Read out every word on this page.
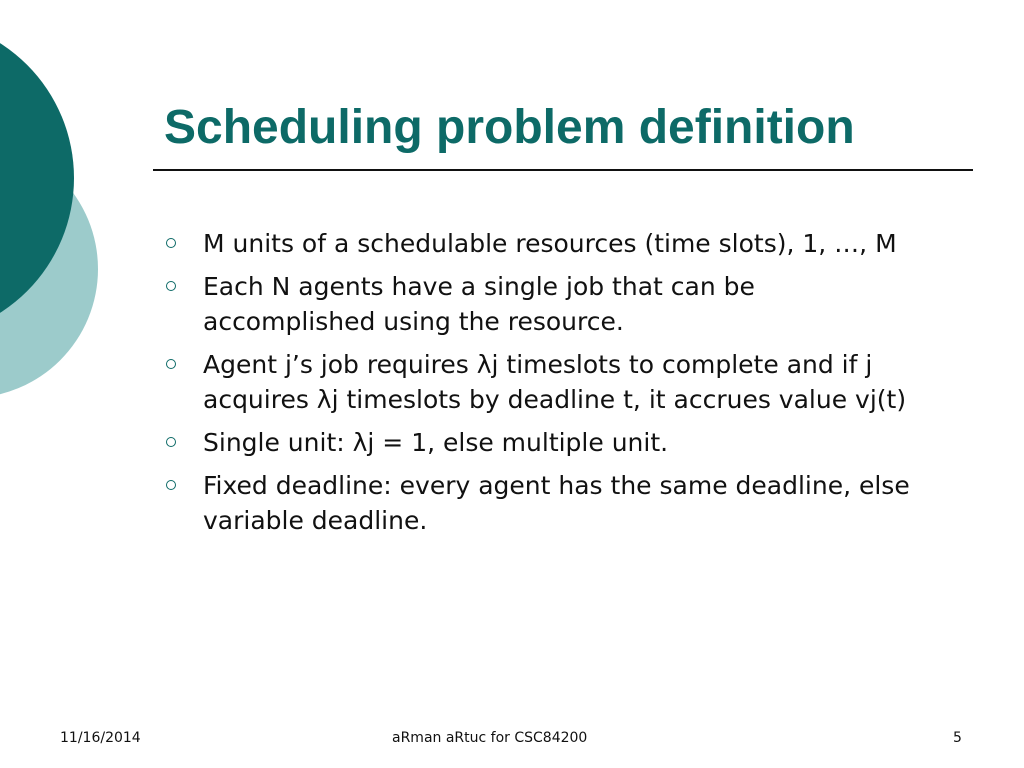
Scheduling problem definition
M units of a schedulable resources (time slots), 1, …, M
Each N agents have a single job that can be accomplished using the resource.
Agent j’s job requires λj timeslots to complete and if j acquires λj timeslots by deadline t, it accrues value vj(t)
Single unit: λj = 1, else multiple unit.
Fixed deadline: every agent has the same deadline, else variable deadline.
11/16/2014	aRman aRtuc for CSC84200	5
